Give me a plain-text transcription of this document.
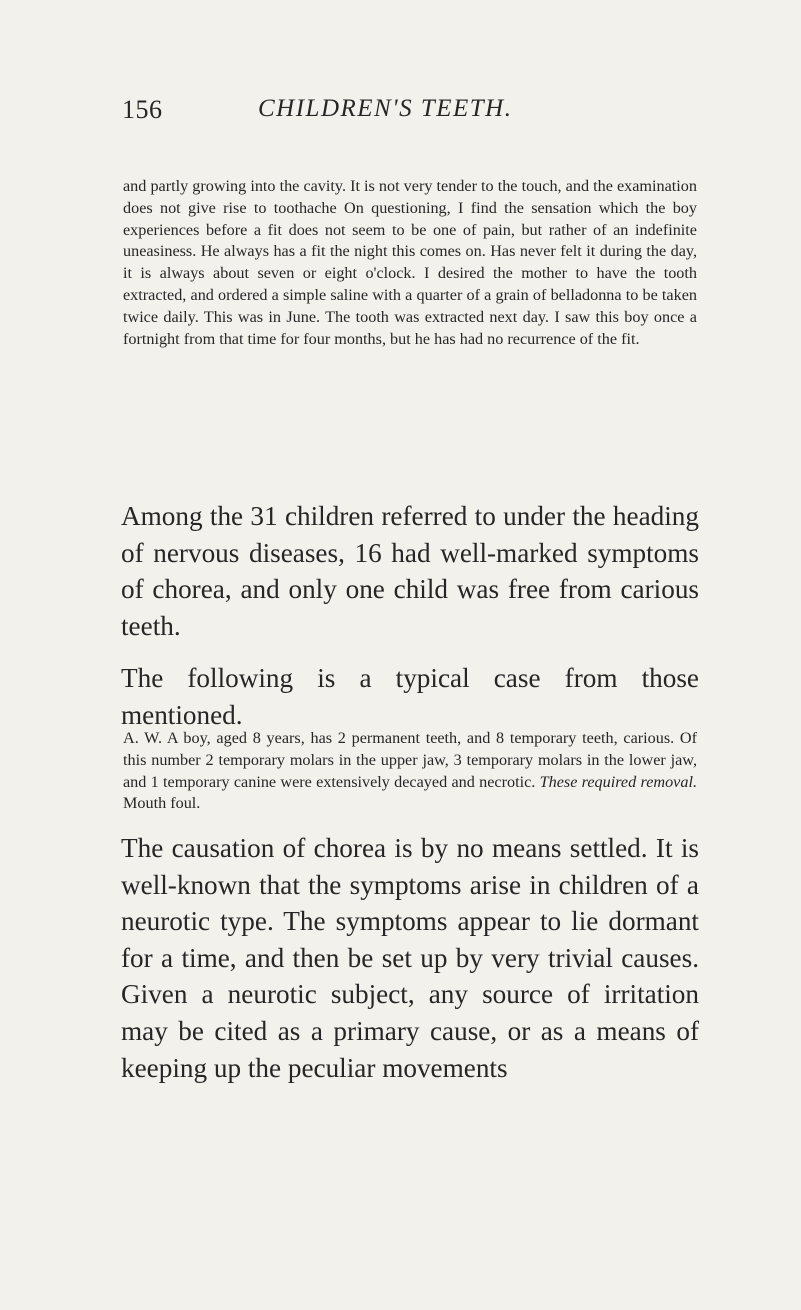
156	CHILDREN'S TEETH.

and partly growing into the cavity. It is not very tender to the touch, and the examination does not give rise to toothache On questioning, I find the sensation which the boy experiences before a fit does not seem to be one of pain, but rather of an indefinite uneasiness. He always has a fit the night this comes on. Has never felt it during the day, it is always about seven or eight o'clock. I desired the mother to have the tooth extracted, and ordered a simple saline with a quarter of a grain of belladonna to be taken twice daily. This was in June. The tooth was extracted next day. I saw this boy once a fortnight from that time for four months, but he has had no recurrence of the fit.

Among the 31 children referred to under the heading of nervous diseases, 16 had well-marked symptoms of chorea, and only one child was free from carious teeth.

The following is a typical case from those mentioned.

A. W. A boy, aged 8 years, has 2 permanent teeth, and 8 temporary teeth, carious. Of this number 2 temporary molars in the upper jaw, 3 temporary molars in the lower jaw, and 1 temporary canine were extensively decayed and necrotic. These required removal. Mouth foul.

The causation of chorea is by no means settled. It is well-known that the symptoms arise in children of a neurotic type. The symptoms appear to lie dormant for a time, and then be set up by very trivial causes. Given a neurotic subject, any source of irritation may be cited as a primary cause, or as a means of keeping up the peculiar movements
